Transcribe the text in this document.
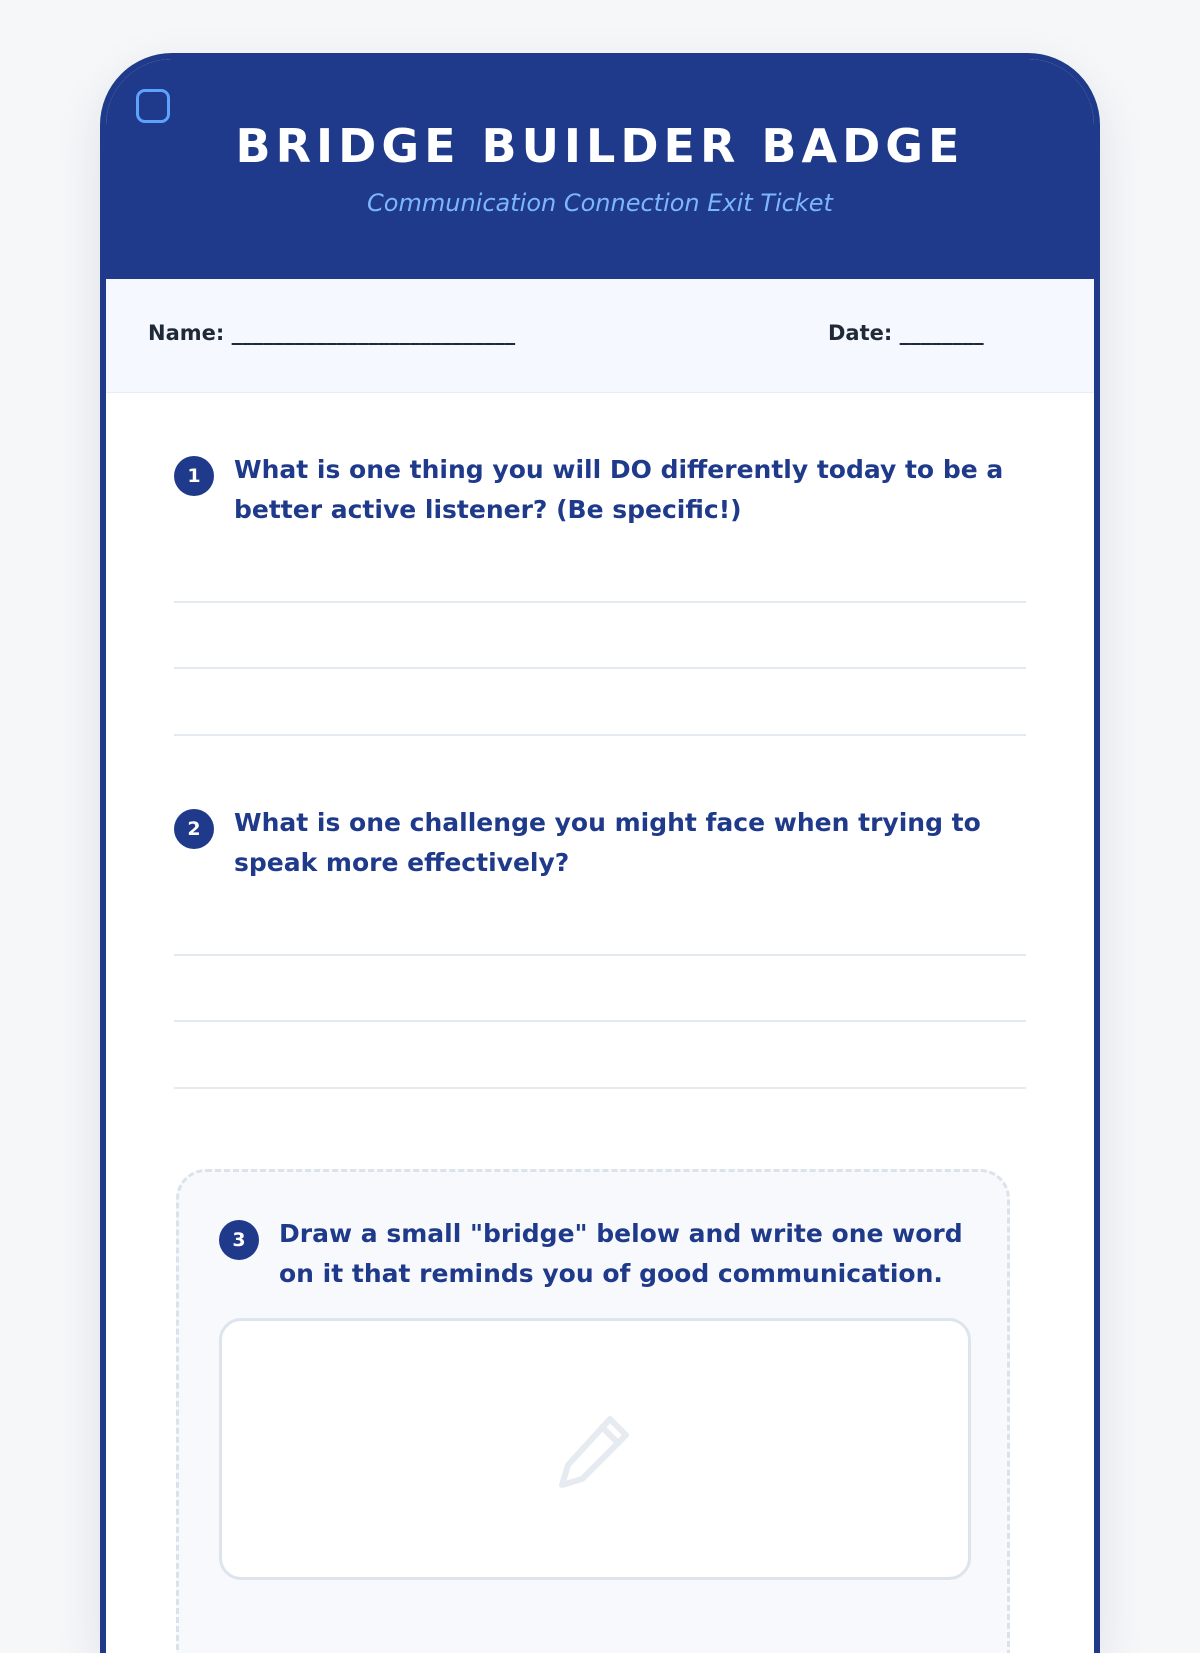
BRIDGE BUILDER BADGE
Communication Connection Exit Ticket
Name: ___________________________	Date: ________
1	What is one thing you will DO differently today to be a better active listener? (Be specific!)
2	What is one challenge you might face when trying to speak more effectively?
3	Draw a small "bridge" below and write one word on it that reminds you of good communication.
